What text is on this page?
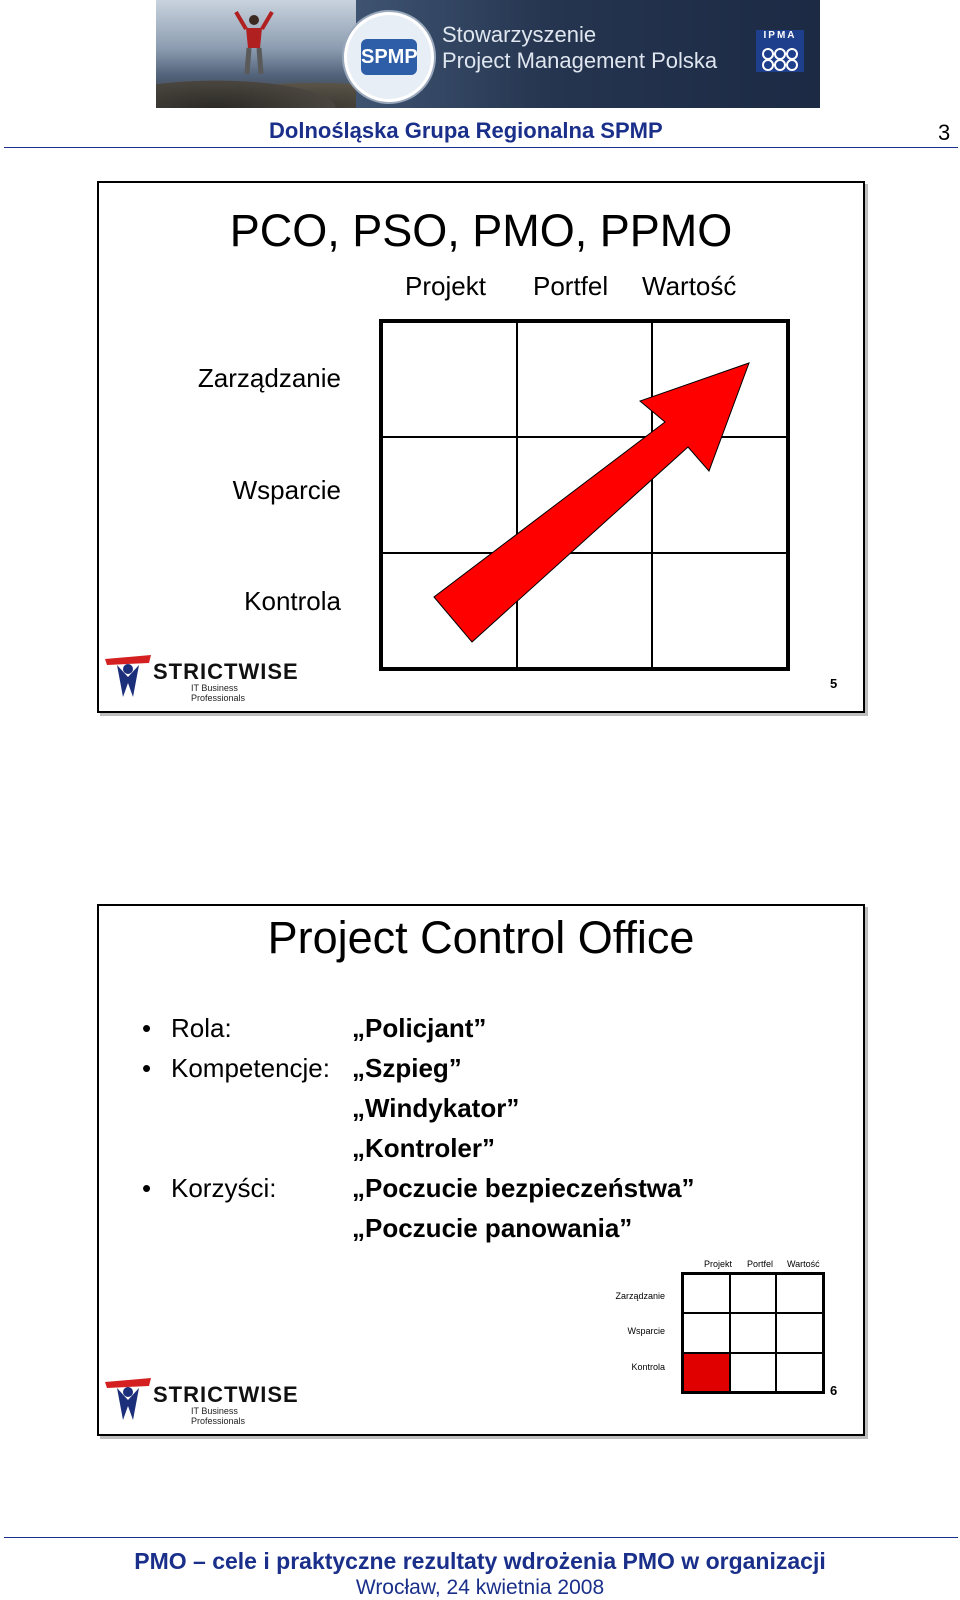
SPMP
Stowarzyszenie
Project Management Polska
IPMA
Dolnośląska Grupa Regionalna SPMP	3
PCO, PSO, PMO, PPMO
Projekt Portfel Wartość
Zarządzanie
Wsparcie
Kontrola
STRICTWISE
IT Business Professionals
5
Project Control Office
• Rola:	„Policjant”
• Kompetencje: „Szpieg”
„Windykator”
„Kontroler”
• Korzyści:	„Poczucie bezpieczeństwa”
„Poczucie panowania”
Projekt Portfel Wartość
Zarządzanie
Wsparcie
Kontrola
STRICTWISE
IT Business Professionals
6
PMO – cele i praktyczne rezultaty wdrożenia PMO w organizacji
Wrocław, 24 kwietnia 2008
